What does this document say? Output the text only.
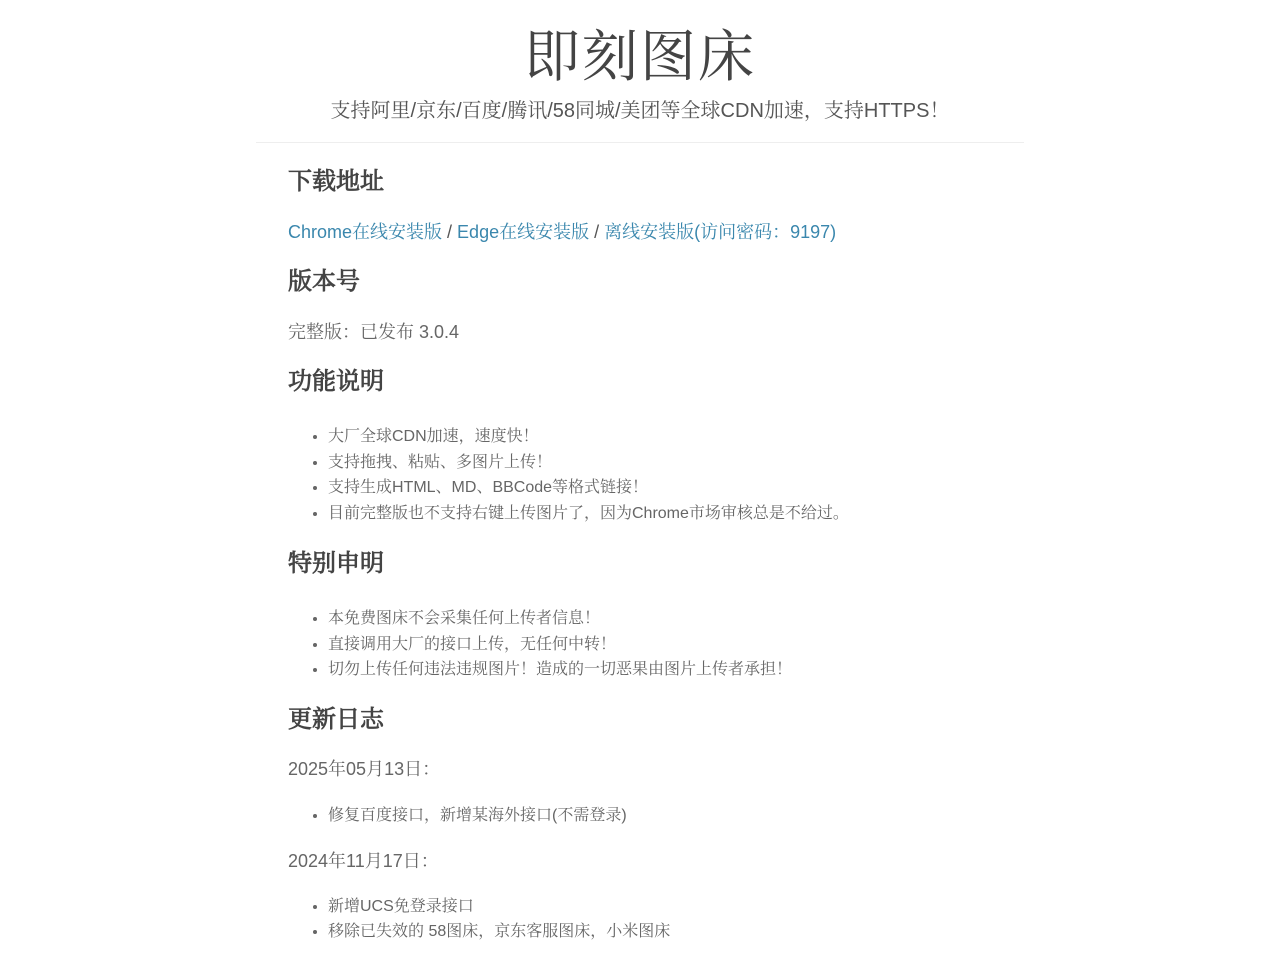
即刻图床

支持阿里/京东/百度/腾讯/58同城/美团等全球CDN加速，支持HTTPS！

下载地址

Chrome在线安装版 / Edge在线安装版 / 离线安装版(访问密码：9197)

版本号

完整版：已发布 3.0.4

功能说明
• 大厂全球CDN加速，速度快！
• 支持拖拽、粘贴、多图片上传！
• 支持生成HTML、MD、BBCode等格式链接！
• 目前完整版也不支持右键上传图片了，因为Chrome市场审核总是不给过。
特别申明
• 本免费图床不会采集任何上传者信息！
• 直接调用大厂的接口上传，无任何中转！
• 切勿上传任何违法违规图片！造成的一切恶果由图片上传者承担！
更新日志

2025年05月13日：

• 修复百度接口，新增某海外接口(不需登录)

2024年11月17日：

• 新增UCS免登录接口
• 移除已失效的 58图床，京东客服图床，小米图床
